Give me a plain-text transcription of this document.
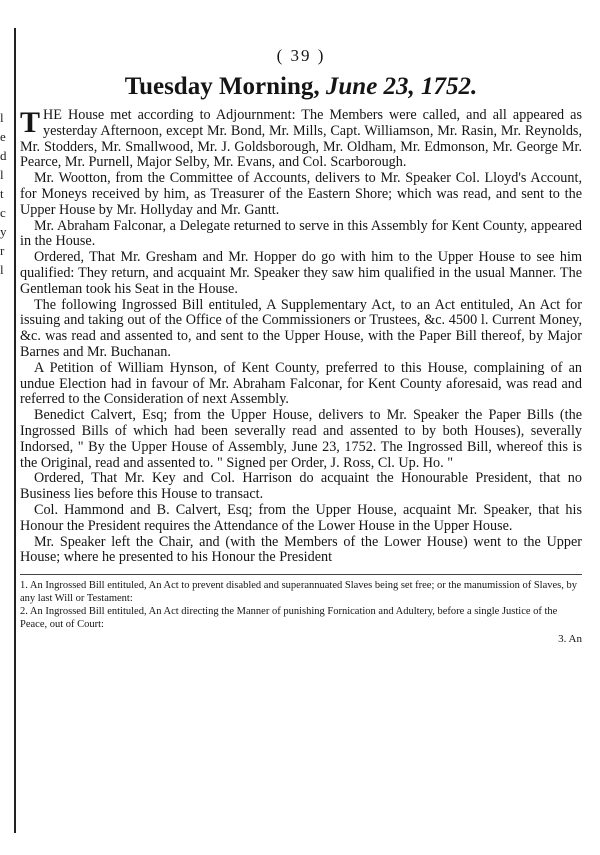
l
e
d
l
t
c
y
r
l
( 39 )
Tuesday Morning, June 23, 1752.

T HE House met according to Adjournment: The Members were called, and all appeared as yesterday Afternoon, except Mr. Bond, Mr. Mills, Capt. Williamson, Mr. Rasin, Mr. Reynolds, Mr. Stodders, Mr. Smallwood, Mr. J. Goldsborough, Mr. Oldham, Mr. Edmonson, Mr. George Mr. Pearce, Mr. Purnell, Major Selby, Mr. Evans, and Col. Scarborough.

Mr. Wootton, from the Committee of Accounts, delivers to Mr. Speaker Col. Lloyd's Account, for Moneys received by him, as Treasurer of the Eastern Shore; which was read, and sent to the Upper House by Mr. Hollyday and Mr. Gantt.

Mr. Abraham Falconar, a Delegate returned to serve in this Assembly for Kent County, appeared in the House.

Ordered, That Mr. Gresham and Mr. Hopper do go with him to the Upper House to see him qualified: They return, and acquaint Mr. Speaker they saw him qualified in the usual Manner. The Gentleman took his Seat in the House.

The following Ingrossed Bill entituled, A Supplementary Act, to an Act entituled, An Act for issuing and taking out of the Office of the Commissioners or Trustees, &c. 4500 l. Current Money, &c. was read and assented to, and sent to the Upper House, with the Paper Bill thereof, by Major Barnes and Mr. Buchanan.

A Petition of William Hynson, of Kent County, preferred to this House, complaining of an undue Election had in favour of Mr. Abraham Falconar, for Kent County aforesaid, was read and referred to the Consideration of next Assembly.

Benedict Calvert, Esq; from the Upper House, delivers to Mr. Speaker the Paper Bills (the Ingrossed Bills of which had been severally read and assented to by both Houses), severally Indorsed, " By the Upper House of Assembly, June 23, 1752. The Ingrossed Bill, whereof this is the Original, read and assented to. " Signed per Order, J. Ross, Cl. Up. Ho. "

Ordered, That Mr. Key and Col. Harrison do acquaint the Honourable President, that no Business lies before this House to transact.

Col. Hammond and B. Calvert, Esq; from the Upper House, acquaint Mr. Speaker, that his Honour the President requires the Attendance of the Lower House in the Upper House.

Mr. Speaker left the Chair, and (with the Members of the Lower House) went to the Upper House; where he presented to his Honour the President

1. An Ingrossed Bill entituled, An Act to prevent disabled and superannuated Slaves being set free; or the manumission of Slaves, by any last Will or Testament:

2. An Ingrossed Bill entituled, An Act directing the Manner of punishing Fornication and Adultery, before a single Justice of the Peace, out of Court:

3. An
